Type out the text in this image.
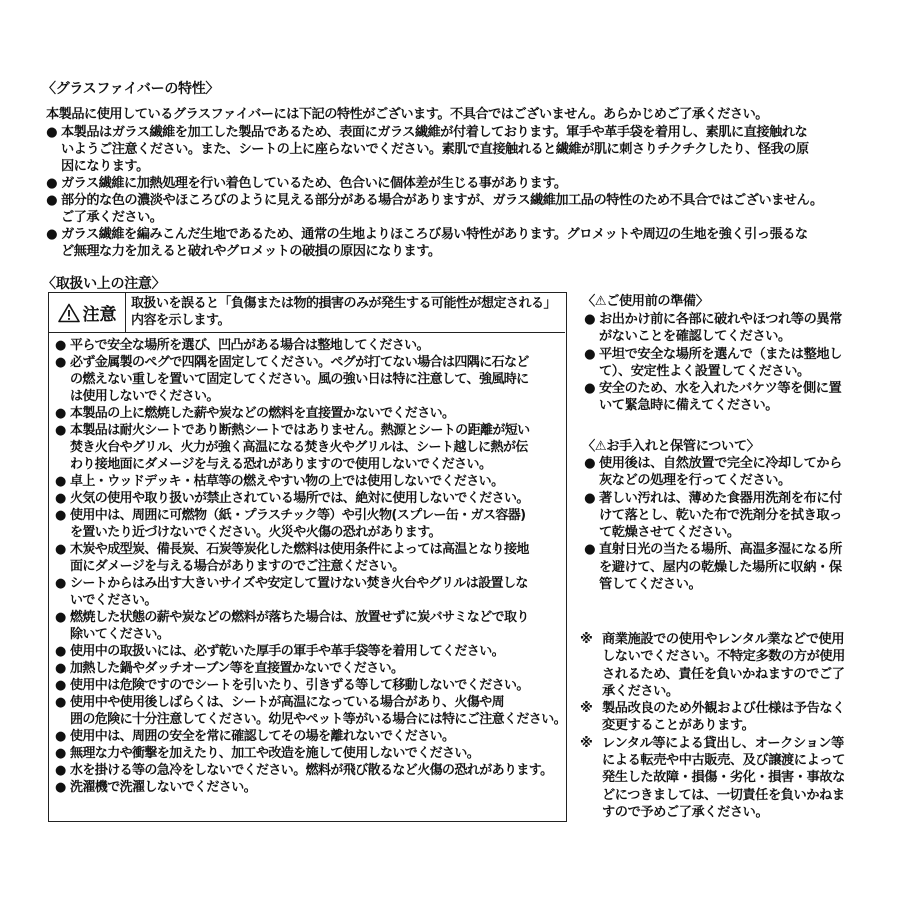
〈グラスファイバーの特性〉
本製品に使用しているグラスファイバーには下記の特性がございます。不具合ではございません。あらかじめご了承ください。

● 本製品はガラス繊維を加工した製品であるため、表面にガラス繊維が付着しております。軍手や革手袋を着用し、素肌に直接触れな
いようご注意ください。また、シートの上に座らないでください。素肌で直接触れると繊維が肌に刺さりチクチクしたり、怪我の原
因になります。

● ガラス繊維に加熱処理を行い着色しているため、色合いに個体差が生じる事があります。

● 部分的な色の濃淡やほころびのように見える部分がある場合がありますが、ガラス繊維加工品の特性のため不具合ではございません。
ご了承ください。

● ガラス繊維を編みこんだ生地であるため、通常の生地よりほころび易い特性があります。グロメットや周辺の生地を強く引っ張るな
ど無理な力を加えると破れやグロメットの破損の原因になります。

〈取扱い上の注意〉
注意
取扱いを誤ると「負傷または物的損害のみが発生する可能性が想定される」
内容を示します。

● 平らで安全な場所を選び、凹凸がある場合は整地してください。

● 必ず金属製のペグで四隅を固定してください。ペグが打てない場合は四隅に石など
の燃えない重しを置いて固定してください。風の強い日は特に注意して、強風時に
は使用しないでください。

● 本製品の上に燃焼した薪や炭などの燃料を直接置かないでください。

● 本製品は耐火シートであり断熱シートではありません。熱源とシートの距離が短い
焚き火台やグリル、火力が強く高温になる焚き火やグリルは、シート越しに熱が伝
わり接地面にダメージを与える恐れがありますので使用しないでください。

● 卓上・ウッドデッキ・枯草等の燃えやすい物の上では使用しないでください。

● 火気の使用や取り扱いが禁止されている場所では、絶対に使用しないでください。

● 使用中は、周囲に可燃物（紙・プラスチック等）や引火物(スプレー缶・ガス容器)
を置いたり近づけないでください。火災や火傷の恐れがあります。

● 木炭や成型炭、備長炭、石炭等炭化した燃料は使用条件によっては高温となり接地
面にダメージを与える場合がありますのでご注意ください。

● シートからはみ出す大きいサイズや安定して置けない焚き火台やグリルは設置しな
いでください。

● 燃焼した状態の薪や炭などの燃料が落ちた場合は、放置せずに炭バサミなどで取り
除いてください。

● 使用中の取扱いには、必ず乾いた厚手の軍手や革手袋等を着用してください。

● 加熱した鍋やダッチオーブン等を直接置かないでください。

● 使用中は危険ですのでシートを引いたり、引きずる等して移動しないでください。

● 使用中や使用後しばらくは、シートが高温になっている場合があり、火傷や周
囲の危険に十分注意してください。幼児やペット等がいる場合には特にご注意ください。

● 使用中は、周囲の安全を常に確認してその場を離れないでください。

● 無理な力や衝撃を加えたり、加工や改造を施して使用しないでください。

● 水を掛ける等の急冷をしないでください。燃料が飛び散るなど火傷の恐れがあります。

● 洗濯機で洗濯しないでください。

〈⚠ご使用前の準備〉

● お出かけ前に各部に破れやほつれ等の異常
がないことを確認してください。

● 平坦で安全な場所を選んで（または整地し
て）、安定性よく設置してください。

● 安全のため、水を入れたバケツ等を側に置
いて緊急時に備えてください。

〈⚠お手入れと保管について〉

● 使用後は、自然放置で完全に冷却してから
灰などの処理を行ってください。

● 著しい汚れは、薄めた食器用洗剤を布に付
けて落とし、乾いた布で洗剤分を拭き取っ
て乾燥させてください。

● 直射日光の当たる場所、高温多湿になる所
を避けて、屋内の乾燥した場所に収納・保
管してください。

※ 商業施設での使用やレンタル業などで使用
しないでください。不特定多数の方が使用
されるため、責任を負いかねますのでご了
承ください。

※ 製品改良のため外観および仕様は予告なく
変更することがあります。

※ レンタル等による貸出し、オークション等
による転売や中古販売、及び譲渡によって
発生した故障・損傷・劣化・損害・事故な
どにつきましては、一切責任を負いかねま
すので予めご了承ください。
